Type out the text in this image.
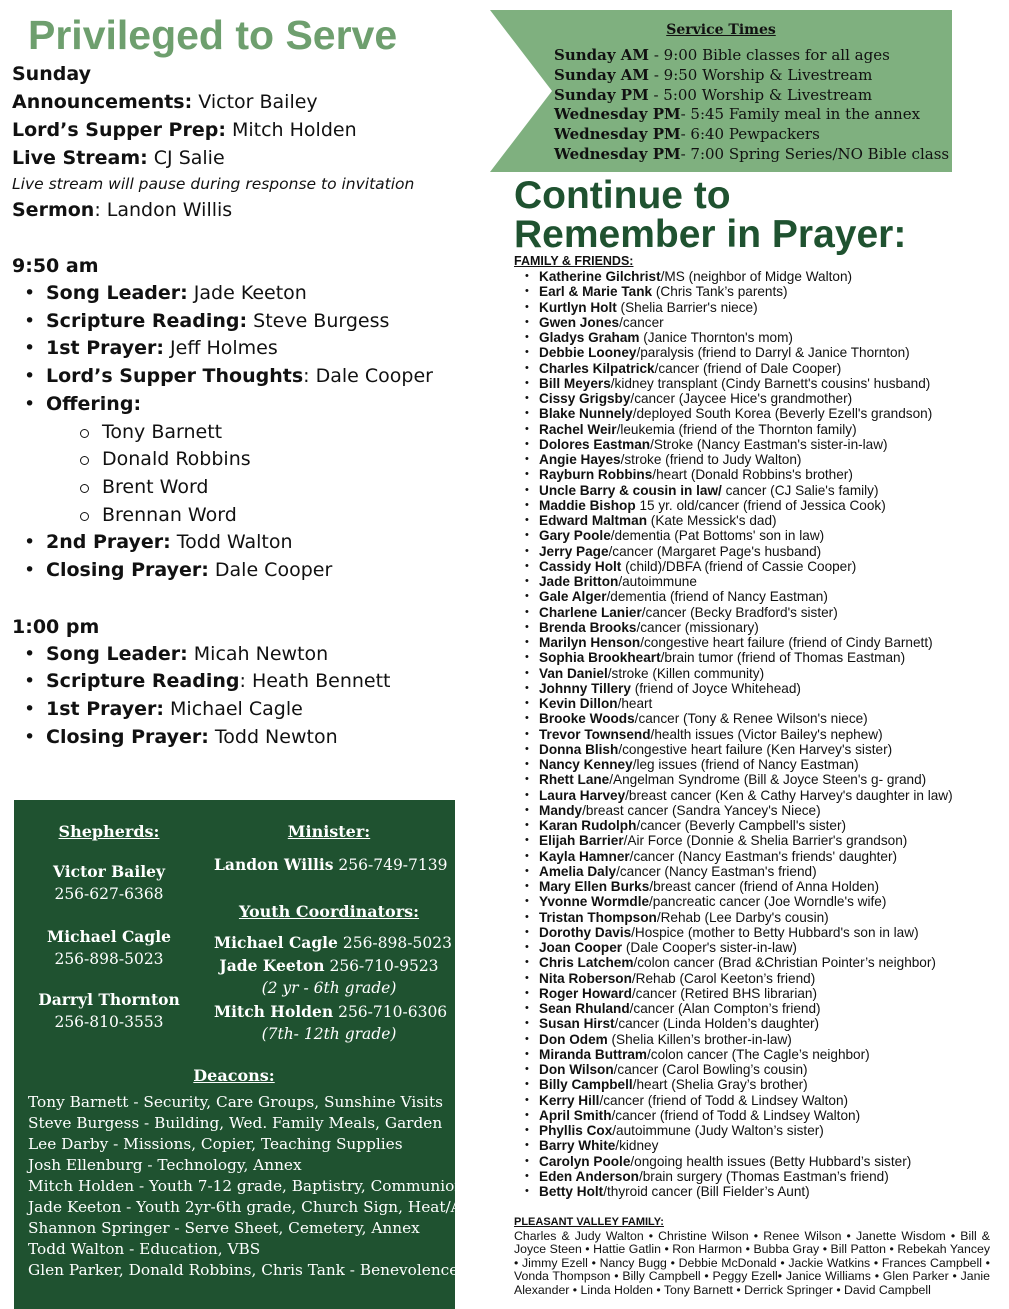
Privileged to Serve
Sunday
Announcements: Victor Bailey
Lord’s Supper Prep: Mitch Holden
Live Stream: CJ Salie
Live stream will pause during response to invitation
Sermon: Landon Willis
9:50 am
• Song Leader: Jade Keeton
• Scripture Reading: Steve Burgess
• 1st Prayer: Jeff Holmes
• Lord’s Supper Thoughts: Dale Cooper
• Offering:
Tony Barnett
Donald Robbins
Brent Word
Brennan Word
• 2nd Prayer: Todd Walton
• Closing Prayer: Dale Cooper
1:00 pm
• Song Leader: Micah Newton
• Scripture Reading: Heath Bennett
• 1st Prayer: Michael Cagle
• Closing Prayer: Todd Newton
Shepherds:
Victor Bailey
256-627-6368
Michael Cagle
256-898-5023
Darryl Thornton
256-810-3553
Minister:
Landon Willis 256-749-7139
Youth Coordinators:
Michael Cagle 256-898-5023
Jade Keeton 256-710-9523
(2 yr - 6th grade)
Mitch Holden 256-710-6306
(7th- 12th grade)
Deacons:
Tony Barnett - Security, Care Groups, Sunshine Visits
Steve Burgess - Building, Wed. Family Meals, Garden
Lee Darby - Missions, Copier, Teaching Supplies
Josh Ellenburg - Technology, Annex
Mitch Holden - Youth 7-12 grade, Baptistry, Communion
Jade Keeton - Youth 2yr-6th grade, Church Sign, Heat/AC
Shannon Springer - Serve Sheet, Cemetery, Annex
Todd Walton - Education, VBS
Glen Parker, Donald Robbins, Chris Tank - Benevolence
Service Times
Sunday AM - 9:00 Bible classes for all ages
Sunday AM - 9:50 Worship & Livestream
Sunday PM - 5:00 Worship & Livestream
Wednesday PM- 5:45 Family meal in the annex
Wednesday PM- 6:40 Pewpackers
Wednesday PM- 7:00 Spring Series/NO Bible class
Continue to
Remember in Prayer:
FAMILY & FRIENDS:
• Katherine Gilchrist/MS (neighbor of Midge Walton)
• Earl & Marie Tank (Chris Tank’s parents)
• Kurtlyn Holt (Shelia Barrier's niece)
• Gwen Jones/cancer
• Gladys Graham (Janice Thornton's mom)
• Debbie Looney/paralysis (friend to Darryl & Janice Thornton)
• Charles Kilpatrick/cancer (friend of Dale Cooper)
• Bill Meyers/kidney transplant (Cindy Barnett's cousins' husband)
• Cissy Grigsby/cancer (Jaycee Hice's grandmother)
• Blake Nunnely/deployed South Korea (Beverly Ezell's grandson)
• Rachel Weir/leukemia (friend of the Thornton family)
• Dolores Eastman/Stroke (Nancy Eastman's sister-in-law)
• Angie Hayes/stroke (friend to Judy Walton)
• Rayburn Robbins/heart (Donald Robbins's brother)
• Uncle Barry & cousin in law/ cancer (CJ Salie's family)
• Maddie Bishop 15 yr. old/cancer (friend of Jessica Cook)
• Edward Maltman (Kate Messick's dad)
• Gary Poole/dementia (Pat Bottoms' son in law)
• Jerry Page/cancer (Margaret Page's husband)
• Cassidy Holt (child)/DBFA (friend of Cassie Cooper)
• Jade Britton/autoimmune
• Gale Alger/dementia (friend of Nancy Eastman)
• Charlene Lanier/cancer (Becky Bradford's sister)
• Brenda Brooks/cancer (missionary)
• Marilyn Henson/congestive heart failure (friend of Cindy Barnett)
• Sophia Brookheart/brain tumor (friend of Thomas Eastman)
• Van Daniel/stroke (Killen community)
• Johnny Tillery (friend of Joyce Whitehead)
• Kevin Dillon/heart
• Brooke Woods/cancer (Tony & Renee Wilson's niece)
• Trevor Townsend/health issues (Victor Bailey's nephew)
• Donna Blish/congestive heart failure (Ken Harvey's sister)
• Nancy Kenney/leg issues (friend of Nancy Eastman)
• Rhett Lane/Angelman Syndrome (Bill & Joyce Steen's g- grand)
• Laura Harvey/breast cancer (Ken & Cathy Harvey's daughter in law)
• Mandy/breast cancer (Sandra Yancey's Niece)
• Karan Rudolph/cancer (Beverly Campbell's sister)
• Elijah Barrier/Air Force (Donnie & Shelia Barrier's grandson)
• Kayla Hamner/cancer (Nancy Eastman's friends' daughter)
• Amelia Daly/cancer (Nancy Eastman's friend)
• Mary Ellen Burks/breast cancer (friend of Anna Holden)
• Yvonne Wormdle/pancreatic cancer (Joe Worndle's wife)
• Tristan Thompson/Rehab (Lee Darby's cousin)
• Dorothy Davis/Hospice (mother to Betty Hubbard's son in law)
• Joan Cooper (Dale Cooper's sister-in-law)
• Chris Latchem/colon cancer (Brad &Christian Pointer’s neighbor)
• Nita Roberson/Rehab (Carol Keeton’s friend)
• Roger Howard/cancer (Retired BHS librarian)
• Sean Rhuland/cancer (Alan Compton’s friend)
• Susan Hirst/cancer (Linda Holden’s daughter)
• Don Odem (Shelia Killen’s brother-in-law)
• Miranda Buttram/colon cancer (The Cagle’s neighbor)
• Don Wilson/cancer (Carol Bowling’s cousin)
• Billy Campbell/heart (Shelia Gray’s brother)
• Kerry Hill/cancer (friend of Todd & Lindsey Walton)
• April Smith/cancer (friend of Todd & Lindsey Walton)
• Phyllis Cox/autoimmune (Judy Walton’s sister)
• Barry White/kidney
• Carolyn Poole/ongoing health issues (Betty Hubbard’s sister)
• Eden Anderson/brain surgery (Thomas Eastman’s friend)
• Betty Holt/thyroid cancer (Bill Fielder’s Aunt)
PLEASANT VALLEY FAMILY:
Charles & Judy Walton • Christine Wilson • Renee Wilson • Janette Wisdom • Bill & Joyce Steen • Hattie Gatlin • Ron Harmon • Bubba Gray • Bill Patton • Rebekah Yancey • Jimmy Ezell • Nancy Bugg • Debbie McDonald • Jackie Watkins • Frances Campbell • Vonda Thompson • Billy Campbell • Peggy Ezell• Janice Williams • Glen Parker • Janie Alexander • Linda Holden • Tony Barnett • Derrick Springer • David Campbell
